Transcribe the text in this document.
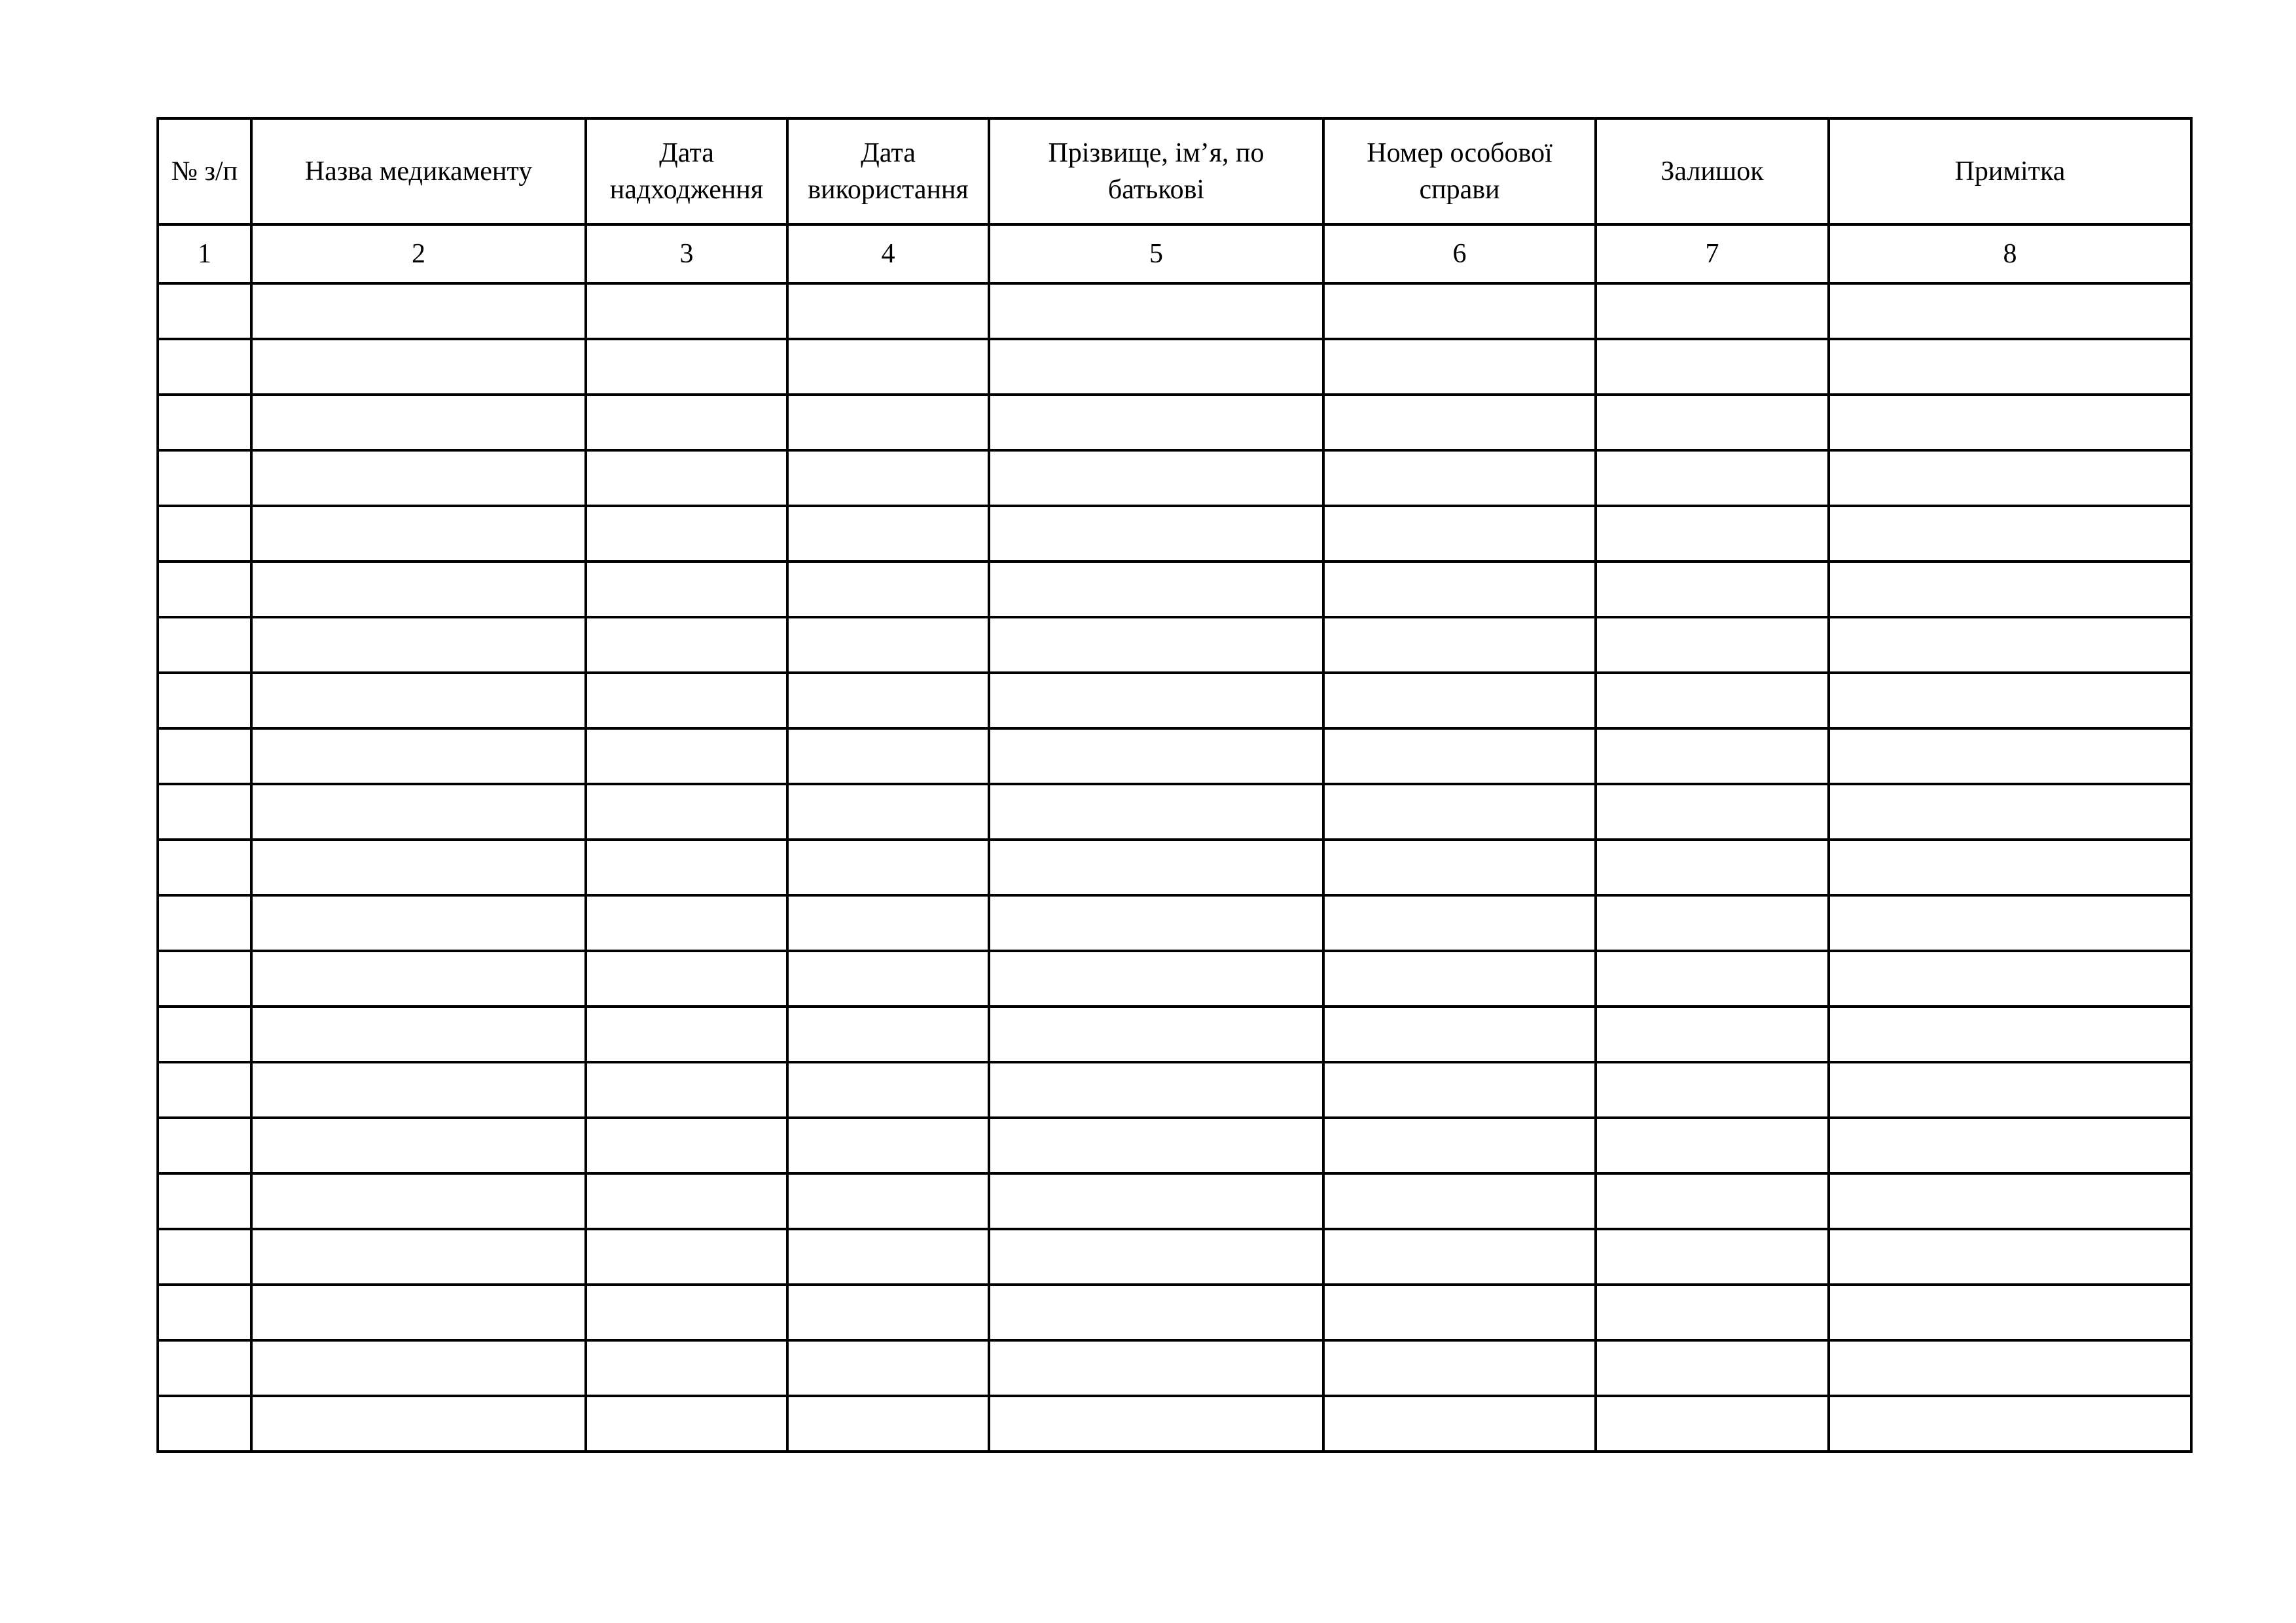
№ з/п	Назва медикаменту	Дата надходження	Дата використання	Прізвище, ім’я, по батькові	Номер особової справи	Залишок	Примітка
1	2	3	4	5	6	7	8
